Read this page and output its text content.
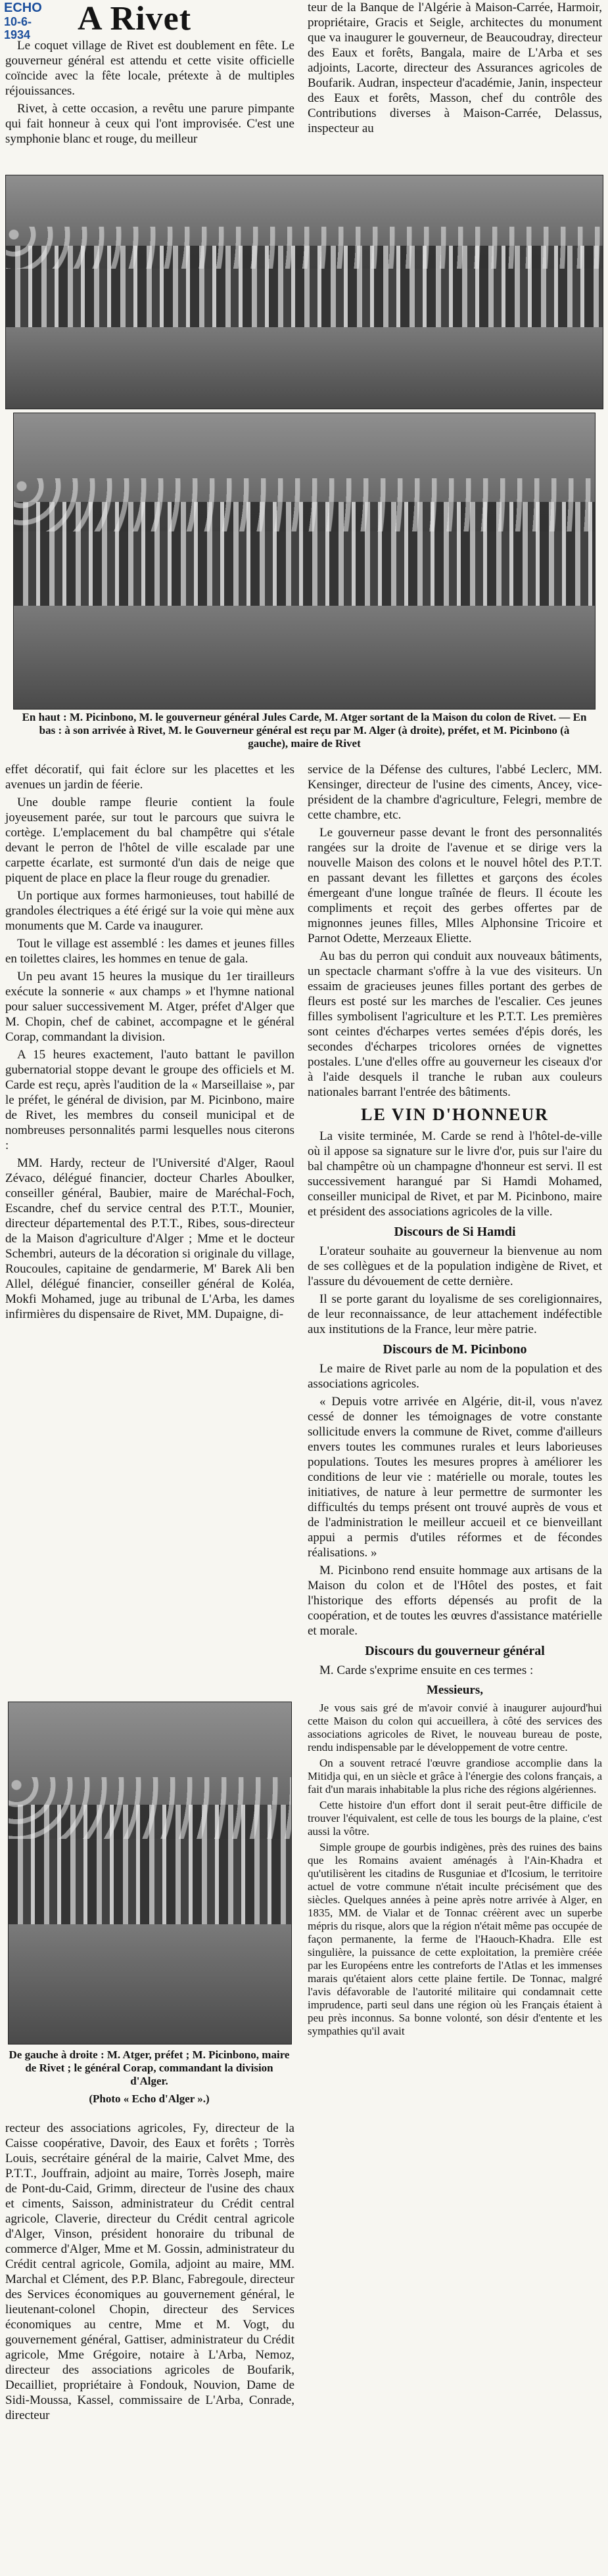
ECHO
10-6-1934	A Rivet

Le coquet village de Rivet est doublement en fête. Le gouverneur général est attendu et cette visite officielle coïncide avec la fête locale, prétexte à de multiples réjouissances.

Rivet, à cette occasion, a revêtu une parure pimpante qui fait honneur à ceux qui l'ont improvisée. C'est une symphonie blanc et rouge, du meilleur

teur de la Banque de l'Algérie à Maison-Carrée, Harmoir, propriétaire, Gracis et Seigle, architectes du monument que va inaugurer le gouverneur, de Beaucoudray, directeur des Eaux et forêts, Bangala, maire de L'Arba et ses adjoints, Lacorte, directeur des Assurances agricoles de Boufarik. Audran, inspecteur d'académie, Janin, inspecteur des Eaux et forêts, Masson, chef du contrôle des Contributions diverses à Maison-Carrée, Delassus, inspecteur au

En haut : M. Picinbono, M. le gouverneur général Jules Carde, M. Atger sortant de la Maison du colon de Rivet. — En bas : à son arrivée à Rivet, M. le Gouverneur général est reçu par M. Alger (à droite), préfet, et M. Picinbono (à gauche), maire de Rivet

effet décoratif, qui fait éclore sur les placettes et les avenues un jardin de féerie.

Une double rampe fleurie contient la foule joyeusement parée, sur tout le parcours que suivra le cortège. L'emplacement du bal champêtre qui s'étale devant le perron de l'hôtel de ville escalade par une carpette écarlate, est surmonté d'un dais de neige que piquent de place en place la fleur rouge du grenadier.

Un portique aux formes harmonieuses, tout habillé de grandoles électriques a été érigé sur la voie qui mène aux monuments que M. Carde va inaugurer.

Tout le village est assemblé : les dames et jeunes filles en toilettes claires, les hommes en tenue de gala.

Un peu avant 15 heures la musique du 1er tirailleurs exécute la sonnerie « aux champs » et l'hymne national pour saluer successivement M. Atger, préfet d'Alger que M. Chopin, chef de cabinet, accompagne et le général Corap, commandant la division.

A 15 heures exactement, l'auto battant le pavillon gubernatorial stoppe devant le groupe des officiels et M. Carde est reçu, après l'audition de la « Marseillaise », par le préfet, le général de division, par M. Picinbono, maire de Rivet, les membres du conseil municipal et de nombreuses personnalités parmi lesquelles nous citerons :

MM. Hardy, recteur de l'Université d'Alger, Raoul Zévaco, délégué financier, docteur Charles Aboulker, conseiller général, Baubier, maire de Maréchal-Foch, Escandre, chef du service central des P.T.T., Mounier, directeur départemental des P.T.T., Ribes, sous-directeur de la Maison d'agriculture d'Alger ; Mme et le docteur Schembri, auteurs de la décoration si originale du village, Roucoules, capitaine de gendarmerie, M' Barek Ali ben Allel, délégué financier, conseiller général de Koléa, Mokfi Mohamed, juge au tribunal de L'Arba, les dames infirmières du dispensaire de Rivet, MM. Dupaigne, di-

De gauche à droite : M. Atger, préfet ; M. Picinbono, maire de Rivet ; le général Corap, commandant la division d'Alger.
(Photo « Echo d'Alger ».)

recteur des associations agricoles, Fy, directeur de la Caisse coopérative, Davoir, des Eaux et forêts ; Torrès Louis, secrétaire général de la mairie, Calvet Mme, des P.T.T., Jouffrain, adjoint au maire, Torrès Joseph, maire de Pont-du-Caid, Grimm, directeur de l'usine des chaux et ciments, Saisson, administrateur du Crédit central agricole, Claverie, directeur du Crédit central agricole d'Alger, Vinson, président honoraire du tribunal de commerce d'Alger, Mme et M. Gossin, administrateur du Crédit central agricole, Gomila, adjoint au maire, MM. Marchal et Clément, des P.P. Blanc, Fabregoule, directeur des Services économiques au gouvernement général, le lieutenant-colonel Chopin, directeur des Services économiques au centre, Mme et M. Vogt, du gouvernement général, Gattiser, administrateur du Crédit agricole, Mme Grégoire, notaire à L'Arba, Nemoz, directeur des associations agricoles de Boufarik, Decailliet, propriétaire à Fondouk, Nouvion, Dame de Sidi-Moussa, Kassel, commissaire de L'Arba, Conrade, directeur

service de la Défense des cultures, l'abbé Leclerc, MM. Kensinger, directeur de l'usine des ciments, Ancey, vice-président de la chambre d'agriculture, Felegri, membre de cette chambre, etc.

Le gouverneur passe devant le front des personnalités rangées sur la droite de l'avenue et se dirige vers la nouvelle Maison des colons et le nouvel hôtel des P.T.T. en passant devant les fillettes et garçons des écoles émergeant d'une longue traînée de fleurs. Il écoute les compliments et reçoit des gerbes offertes par de mignonnes jeunes filles, Mlles Alphonsine Tricoire et Parnot Odette, Merzeaux Eliette.

Au bas du perron qui conduit aux nouveaux bâtiments, un spectacle charmant s'offre à la vue des visiteurs. Un essaim de gracieuses jeunes filles portant des gerbes de fleurs est posté sur les marches de l'escalier. Ces jeunes filles symbolisent l'agriculture et les P.T.T. Les premières sont ceintes d'écharpes vertes semées d'épis dorés, les secondes d'écharpes tricolores ornées de vignettes postales. L'une d'elles offre au gouverneur les ciseaux d'or à l'aide desquels il tranche le ruban aux couleurs nationales barrant l'entrée des bâtiments.

LE VIN D'HONNEUR

La visite terminée, M. Carde se rend à l'hôtel-de-ville où il appose sa signature sur le livre d'or, puis sur l'aire du bal champêtre où un champagne d'honneur est servi. Il est successivement harangué par Si Hamdi Mohamed, conseiller municipal de Rivet, et par M. Picinbono, maire et président des associations agricoles de la ville.

Discours de Si Hamdi

L'orateur souhaite au gouverneur la bienvenue au nom de ses collègues et de la population indigène de Rivet, et l'assure du dévouement de cette dernière.

Il se porte garant du loyalisme de ses coreligionnaires, de leur reconnaissance, de leur attachement indéfectible aux institutions de la France, leur mère patrie.

Discours de M. Picinbono

Le maire de Rivet parle au nom de la population et des associations agricoles.

« Depuis votre arrivée en Algérie, dit-il, vous n'avez cessé de donner les témoignages de votre constante sollicitude envers la commune de Rivet, comme d'ailleurs envers toutes les communes rurales et leurs laborieuses populations. Toutes les mesures propres à améliorer les conditions de leur vie : matérielle ou morale, toutes les initiatives, de nature à leur permettre de surmonter les difficultés du temps présent ont trouvé auprès de vous et de l'administration le meilleur accueil et ce bienveillant appui a permis d'utiles réformes et de fécondes réalisations. »

M. Picinbono rend ensuite hommage aux artisans de la Maison du colon et de l'Hôtel des postes, et fait l'historique des efforts dépensés au profit de la coopération, et de toutes les œuvres d'assistance matérielle et morale.

Discours du gouverneur général

M. Carde s'exprime ensuite en ces termes :

Messieurs,

Je vous sais gré de m'avoir convié à inaugurer aujourd'hui cette Maison du colon qui accueillera, à côté des services des associations agricoles de Rivet, le nouveau bureau de poste, rendu indispensable par le développement de votre centre.

On a souvent retracé l'œuvre grandiose accomplie dans la Mitidja qui, en un siècle et grâce à l'énergie des colons français, a fait d'un marais inhabitable la plus riche des régions algériennes.

Cette histoire d'un effort dont il serait peut-être difficile de trouver l'équivalent, est celle de tous les bourgs de la plaine, c'est aussi la vôtre.

Simple groupe de gourbis indigènes, près des ruines des bains que les Romains avaient aménagés à l'Ain-Khadra et qu'utilisèrent les citadins de Rusguniae et d'Icosium, le territoire actuel de votre commune n'était inculte précisément que des siècles. Quelques années à peine après notre arrivée à Alger, en 1835, MM. de Vialar et de Tonnac créèrent avec un superbe mépris du risque, alors que la région n'était même pas occupée de façon permanente, la ferme de l'Haouch-Khadra. Elle est singulière, la puissance de cette exploitation, la première créée par les Européens entre les contreforts de l'Atlas et les immenses marais qu'étaient alors cette plaine fertile. De Tonnac, malgré l'avis défavorable de l'autorité militaire qui condamnait cette imprudence, parti seul dans une région où les Français étaient à peu près inconnus. Sa bonne volonté, son désir d'entente et les sympathies qu'il avait
